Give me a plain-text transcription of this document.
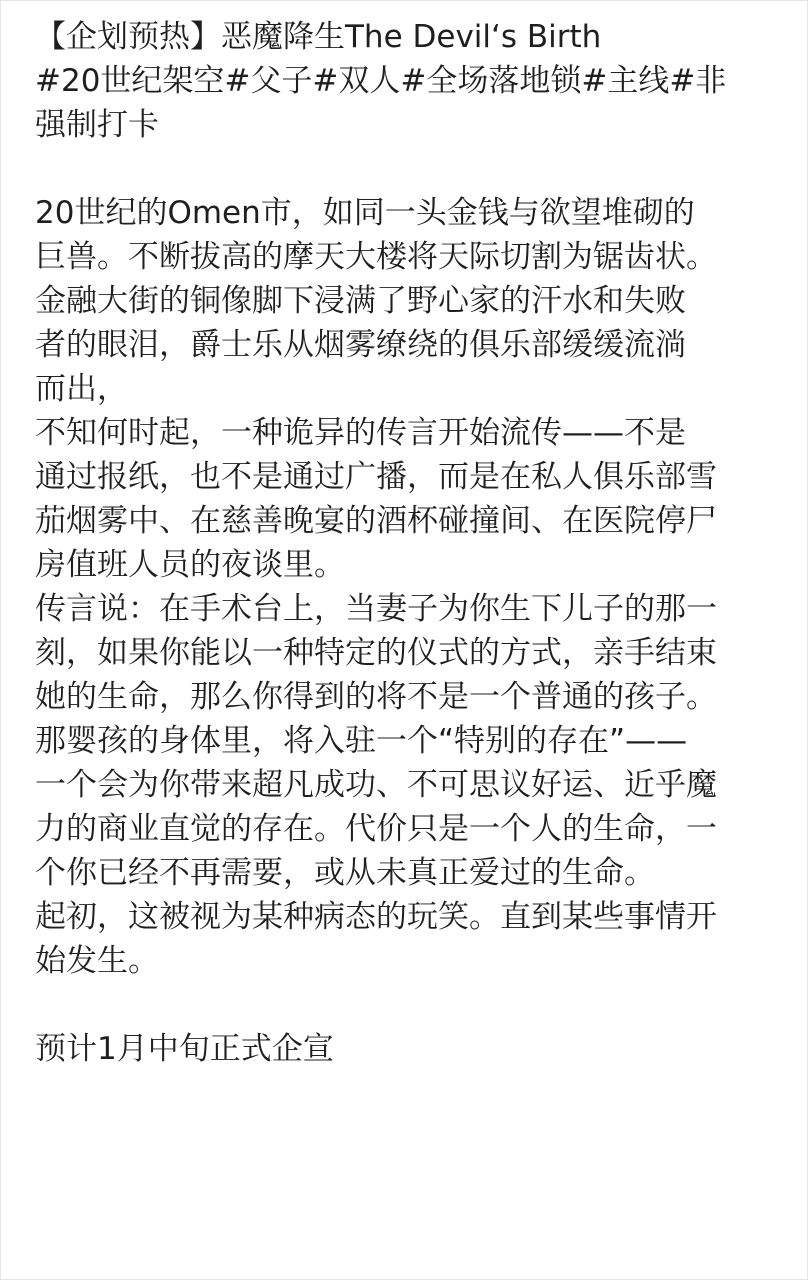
【企划预热】恶魔降生The Devil‘s Birth
#20世纪架空#父子#双人#全场落地锁#主线#非
强制打卡
20世纪的Omen市，如同一头金钱与欲望堆砌的
巨兽。不断拔高的摩天大楼将天际切割为锯齿状。
金融大街的铜像脚下浸满了野心家的汗水和失败
者的眼泪，爵士乐从烟雾缭绕的俱乐部缓缓流淌
而出，
不知何时起，一种诡异的传言开始流传——不是
通过报纸，也不是通过广播，而是在私人俱乐部雪
茄烟雾中、在慈善晚宴的酒杯碰撞间、在医院停尸
房值班人员的夜谈里。
传言说：在手术台上，当妻子为你生下儿子的那一
刻，如果你能以一种特定的仪式的方式，亲手结束
她的生命，那么你得到的将不是一个普通的孩子。
那婴孩的身体里，将入驻一个“特别的存在”——
一个会为你带来超凡成功、不可思议好运、近乎魔
力的商业直觉的存在。代价只是一个人的生命，一
个你已经不再需要，或从未真正爱过的生命。
起初，这被视为某种病态的玩笑。直到某些事情开
始发生。
预计1月中旬正式企宣
